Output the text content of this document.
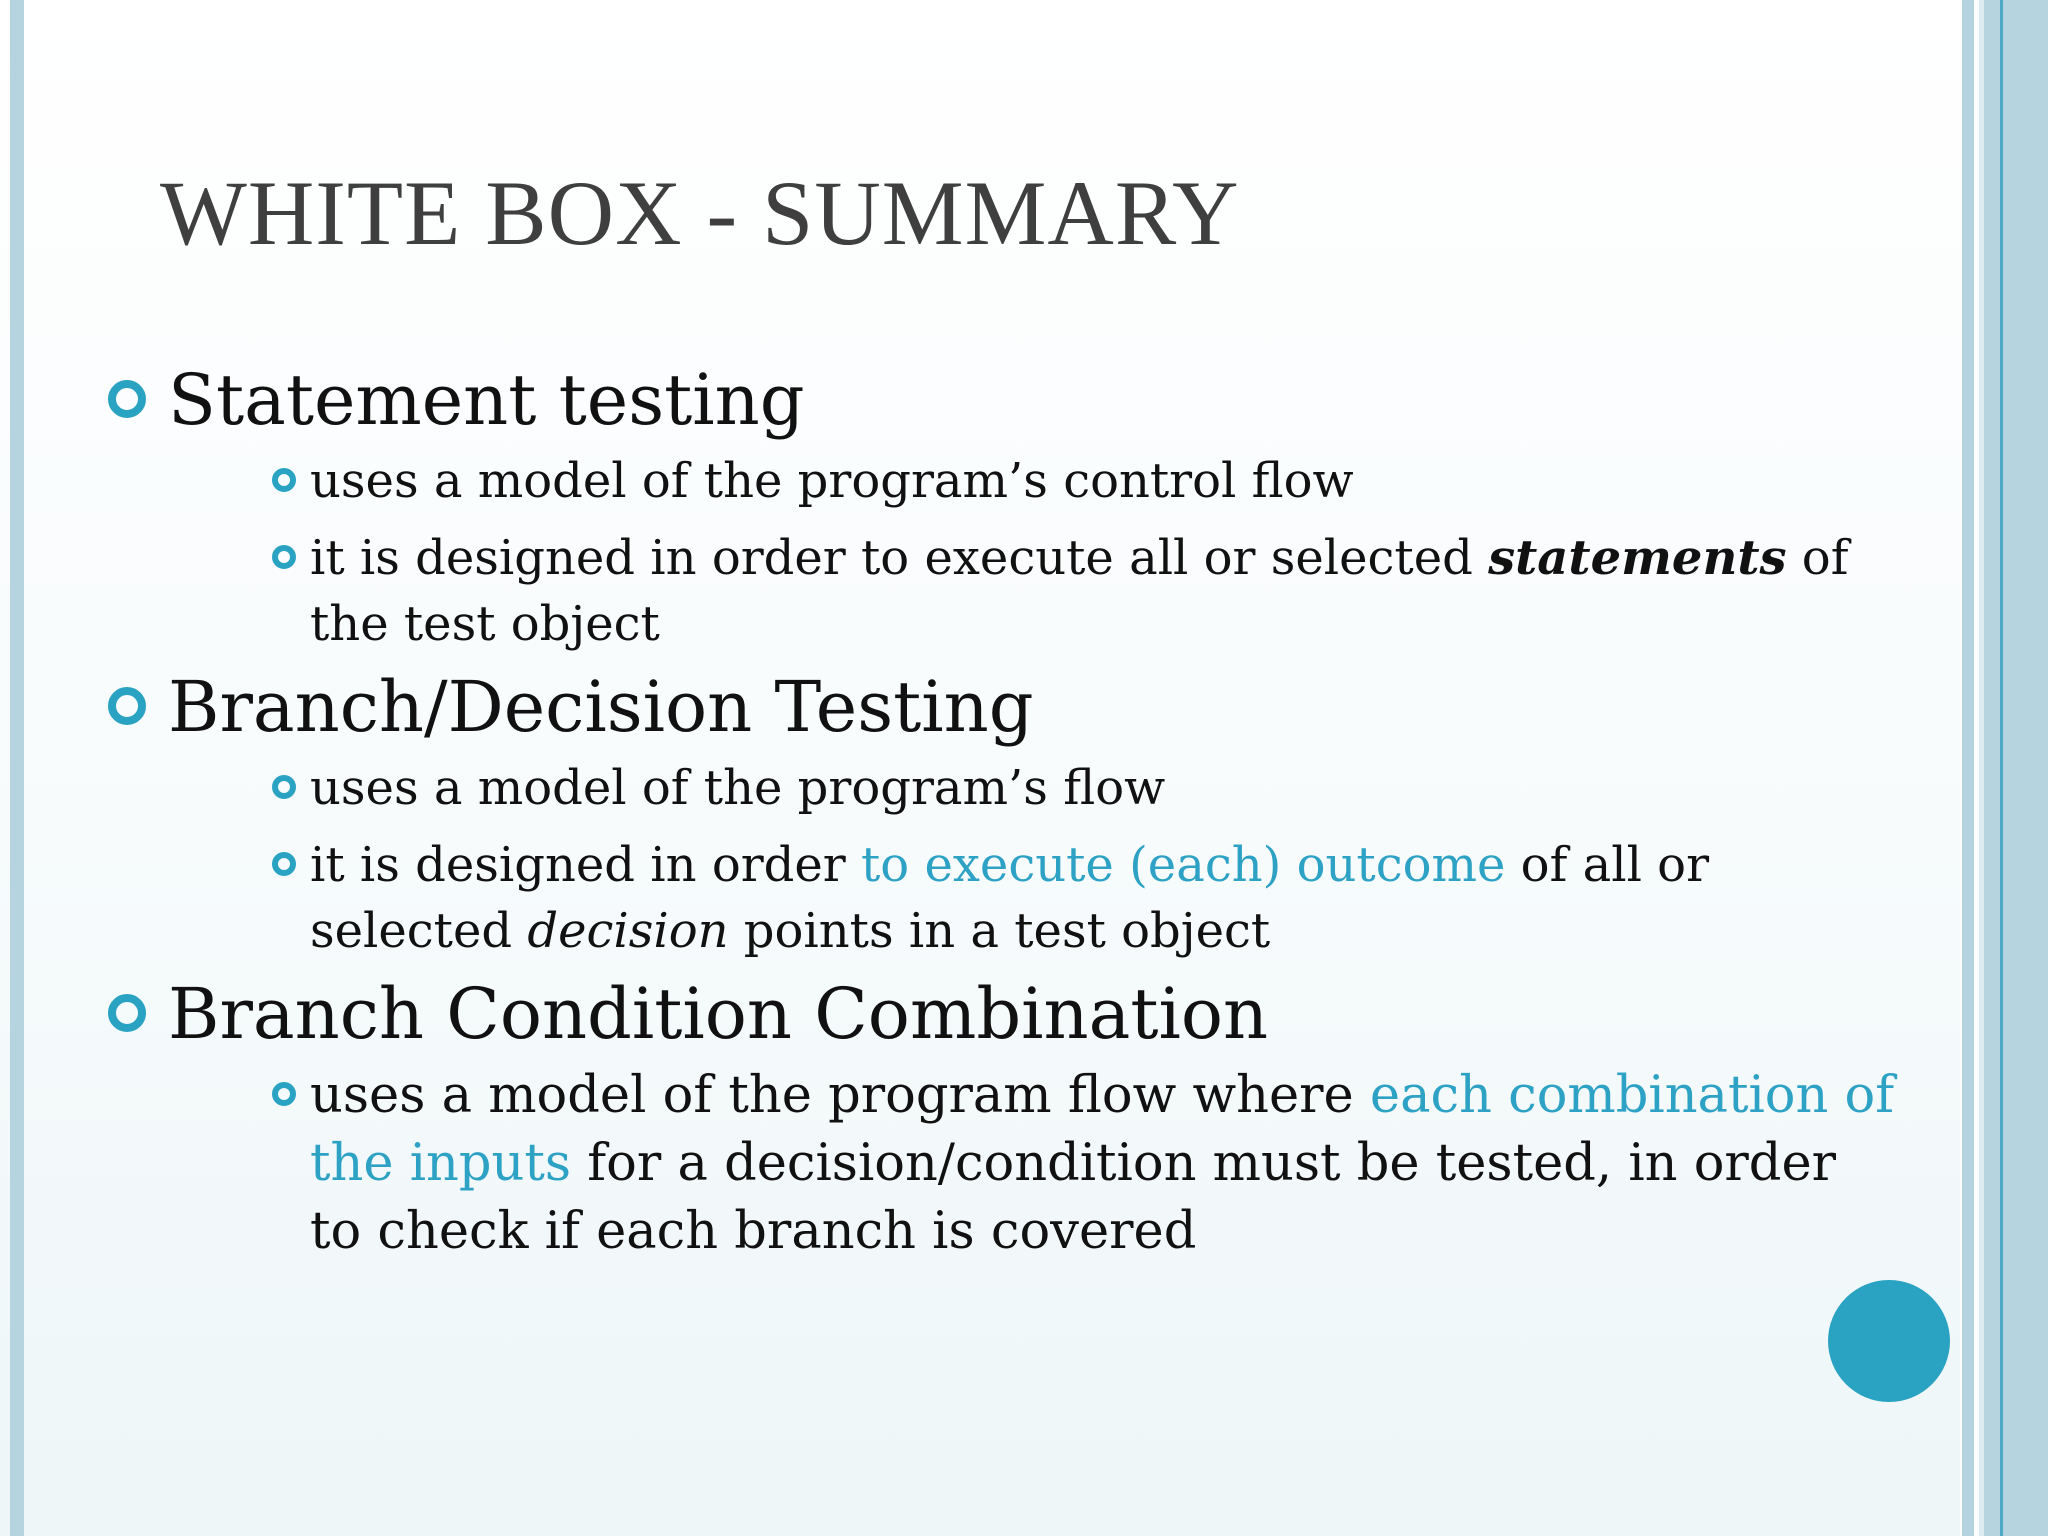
WHITE BOX - SUMMARY

Statement testing

uses a model of the program’s control flow

it is designed in order to execute all or selected statements of the test object

Branch/Decision Testing

uses a model of the program’s flow

it is designed in order to execute (each) outcome of all or selected decision points in a test object

Branch Condition Combination

uses a model of the program flow where each combination of the inputs for a decision/condition must be tested, in order to check if each branch is covered
